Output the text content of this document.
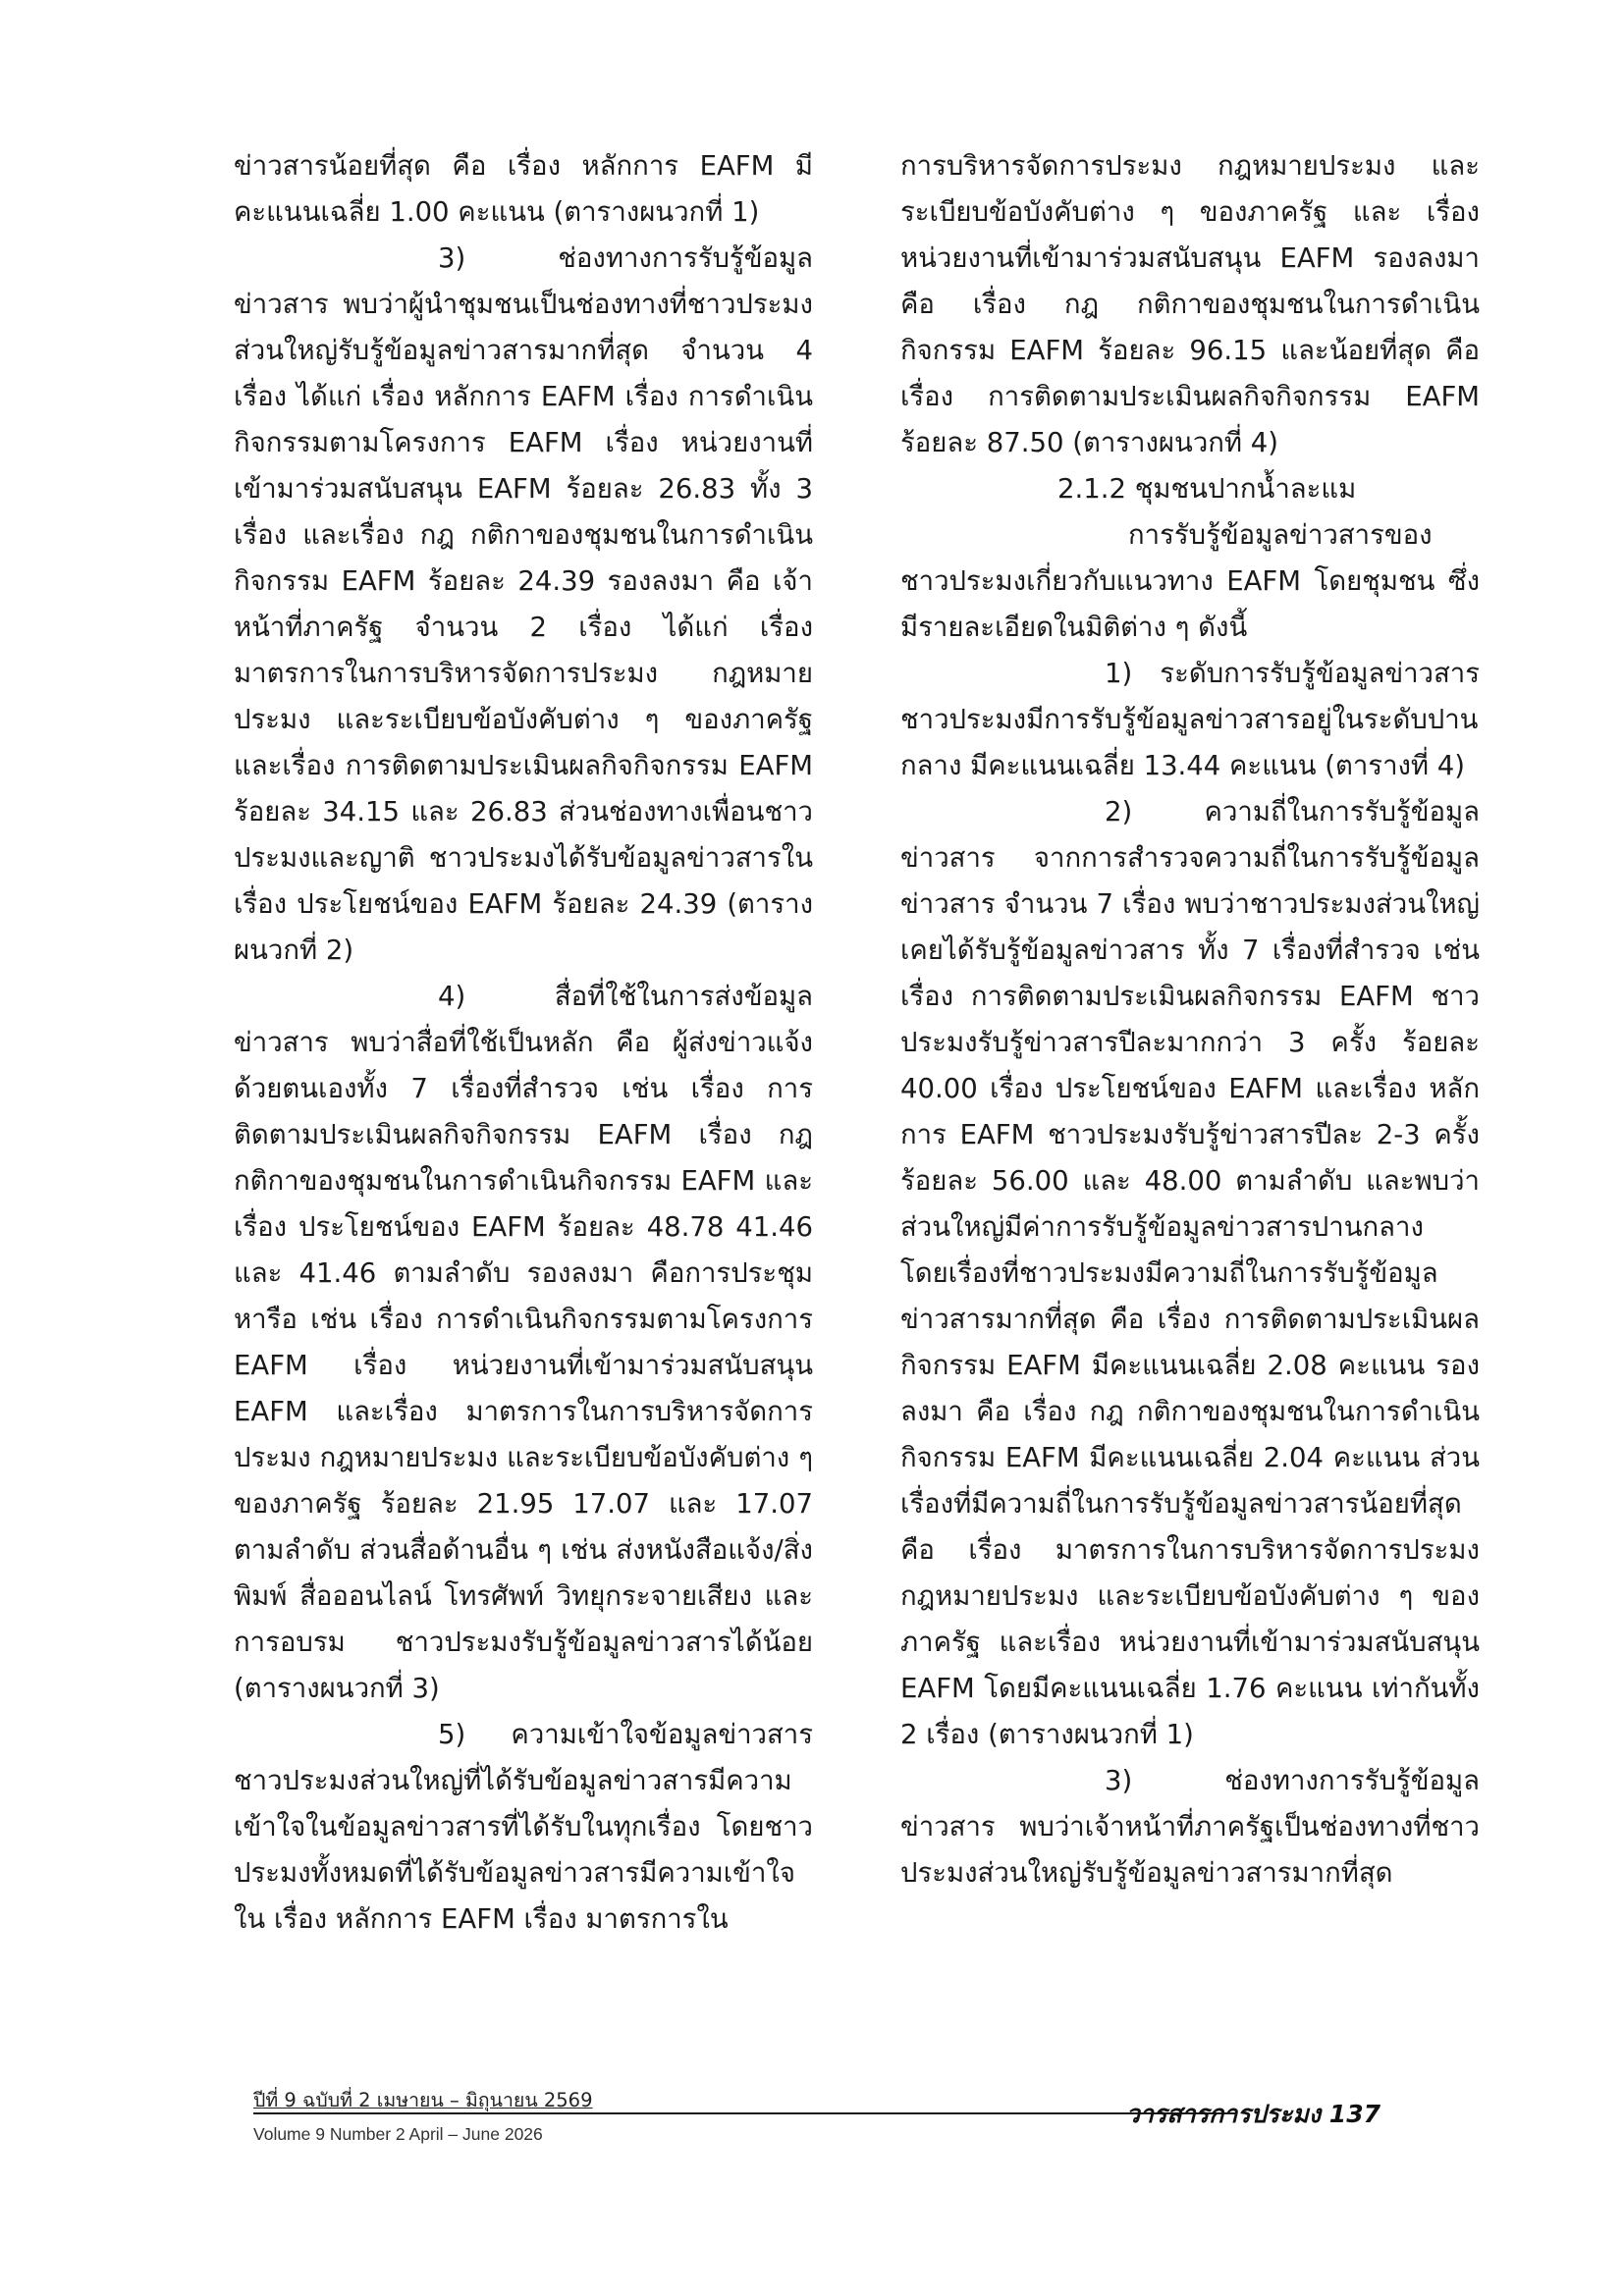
ข่าวสารน้อยที่สุด คือ เรื่อง หลักการ EAFM มีคะแนนเฉลี่ย 1.00 คะแนน (ตารางผนวกที่ 1)

3) ช่องทางการรับรู้ข้อมูลข่าวสาร พบว่าผู้นำชุมชนเป็นช่องทางที่ชาวประมงส่วนใหญ่รับรู้ข้อมูลข่าวสารมากที่สุด จำนวน 4 เรื่อง ได้แก่ เรื่อง หลักการ EAFM เรื่อง การดำเนินกิจกรรมตามโครงการ EAFM เรื่อง หน่วยงานที่เข้ามาร่วมสนับสนุน EAFM ร้อยละ 26.83 ทั้ง 3 เรื่อง และเรื่อง กฎ กติกาของชุมชนในการดำเนินกิจกรรม EAFM ร้อยละ 24.39 รองลงมา คือ เจ้าหน้าที่ภาครัฐ จำนวน 2 เรื่อง ได้แก่ เรื่อง มาตรการในการบริหารจัดการประมง กฎหมายประมง และระเบียบข้อบังคับต่าง ๆ ของภาครัฐ และเรื่อง การติดตามประเมินผลกิจกิจกรรม EAFM ร้อยละ 34.15 และ 26.83 ส่วนช่องทางเพื่อนชาวประมงและญาติ ชาวประมงได้รับข้อมูลข่าวสารในเรื่อง ประโยชน์ของ EAFM ร้อยละ 24.39 (ตารางผนวกที่ 2)

4) สื่อที่ใช้ในการส่งข้อมูลข่าวสาร พบว่าสื่อที่ใช้เป็นหลัก คือ ผู้ส่งข่าวแจ้งด้วยตนเองทั้ง 7 เรื่องที่สำรวจ เช่น เรื่อง การติดตามประเมินผลกิจกิจกรรม EAFM เรื่อง กฎ กติกาของชุมชนในการดำเนินกิจกรรม EAFM และเรื่อง ประโยชน์ของ EAFM ร้อยละ 48.78 41.46 และ 41.46 ตามลำดับ รองลงมา คือการประชุมหารือ เช่น เรื่อง การดำเนินกิจกรรมตามโครงการ EAFM เรื่อง หน่วยงานที่เข้ามาร่วมสนับสนุน EAFM และเรื่อง มาตรการในการบริหารจัดการประมง กฎหมายประมง และระเบียบข้อบังคับต่าง ๆ ของภาครัฐ ร้อยละ 21.95 17.07 และ 17.07 ตามลำดับ ส่วนสื่อด้านอื่น ๆ เช่น ส่งหนังสือแจ้ง/สิ่งพิมพ์ สื่อออนไลน์ โทรศัพท์ วิทยุกระจายเสียง และการอบรม ชาวประมงรับรู้ข้อมูลข่าวสารได้น้อย (ตารางผนวกที่ 3)

5) ความเข้าใจข้อมูลข่าวสาร ชาวประมงส่วนใหญ่ที่ได้รับข้อมูลข่าวสารมีความเข้าใจในข้อมูลข่าวสารที่ได้รับในทุกเรื่อง โดยชาวประมงทั้งหมดที่ได้รับข้อมูลข่าวสารมีความเข้าใจใน เรื่อง หลักการ EAFM เรื่อง มาตรการใน

การบริหารจัดการประมง กฎหมายประมง และระเบียบข้อบังคับต่าง ๆ ของภาครัฐ และ เรื่อง หน่วยงานที่เข้ามาร่วมสนับสนุน EAFM รองลงมา คือ เรื่อง กฎ กติกาของชุมชนในการดำเนินกิจกรรม EAFM ร้อยละ 96.15 และน้อยที่สุด คือ เรื่อง การติดตามประเมินผลกิจกิจกรรม EAFM ร้อยละ 87.50 (ตารางผนวกที่ 4)

2.1.2 ชุมชนปากน้ำละแม

การรับรู้ข้อมูลข่าวสารของชาวประมงเกี่ยวกับแนวทาง EAFM โดยชุมชน ซึ่งมีรายละเอียดในมิติต่าง ๆ ดังนี้

1) ระดับการรับรู้ข้อมูลข่าวสาร ชาวประมงมีการรับรู้ข้อมูลข่าวสารอยู่ในระดับปานกลาง มีคะแนนเฉลี่ย 13.44 คะแนน (ตารางที่ 4)

2) ความถี่ในการรับรู้ข้อมูลข่าวสาร จากการสำรวจความถี่ในการรับรู้ข้อมูลข่าวสาร จำนวน 7 เรื่อง พบว่าชาวประมงส่วนใหญ่เคยได้รับรู้ข้อมูลข่าวสาร ทั้ง 7 เรื่องที่สำรวจ เช่น เรื่อง การติดตามประเมินผลกิจกรรม EAFM ชาวประมงรับรู้ข่าวสารปีละมากกว่า 3 ครั้ง ร้อยละ 40.00 เรื่อง ประโยชน์ของ EAFM และเรื่อง หลักการ EAFM ชาวประมงรับรู้ข่าวสารปีละ 2-3 ครั้ง ร้อยละ 56.00 และ 48.00 ตามลำดับ และพบว่าส่วนใหญ่มีค่าการรับรู้ข้อมูลข่าวสารปานกลาง โดยเรื่องที่ชาวประมงมีความถี่ในการรับรู้ข้อมูลข่าวสารมากที่สุด คือ เรื่อง การติดตามประเมินผลกิจกรรม EAFM มีคะแนนเฉลี่ย 2.08 คะแนน รองลงมา คือ เรื่อง กฎ กติกาของชุมชนในการดำเนินกิจกรรม EAFM มีคะแนนเฉลี่ย 2.04 คะแนน ส่วนเรื่องที่มีความถี่ในการรับรู้ข้อมูลข่าวสารน้อยที่สุด คือ เรื่อง มาตรการในการบริหารจัดการประมง กฎหมายประมง และระเบียบข้อบังคับต่าง ๆ ของภาครัฐ และเรื่อง หน่วยงานที่เข้ามาร่วมสนับสนุน EAFM โดยมีคะแนนเฉลี่ย 1.76 คะแนน เท่ากันทั้ง 2 เรื่อง (ตารางผนวกที่ 1)

3) ช่องทางการรับรู้ข้อมูลข่าวสาร พบว่าเจ้าหน้าที่ภาครัฐเป็นช่องทางที่ชาวประมงส่วนใหญ่รับรู้ข้อมูลข่าวสารมากที่สุด

ปีที่ 9 ฉบับที่ 2 เมษายน – มิถุนายน 2569	วารสารการประมง 137
Volume 9 Number 2 April – June 2026
